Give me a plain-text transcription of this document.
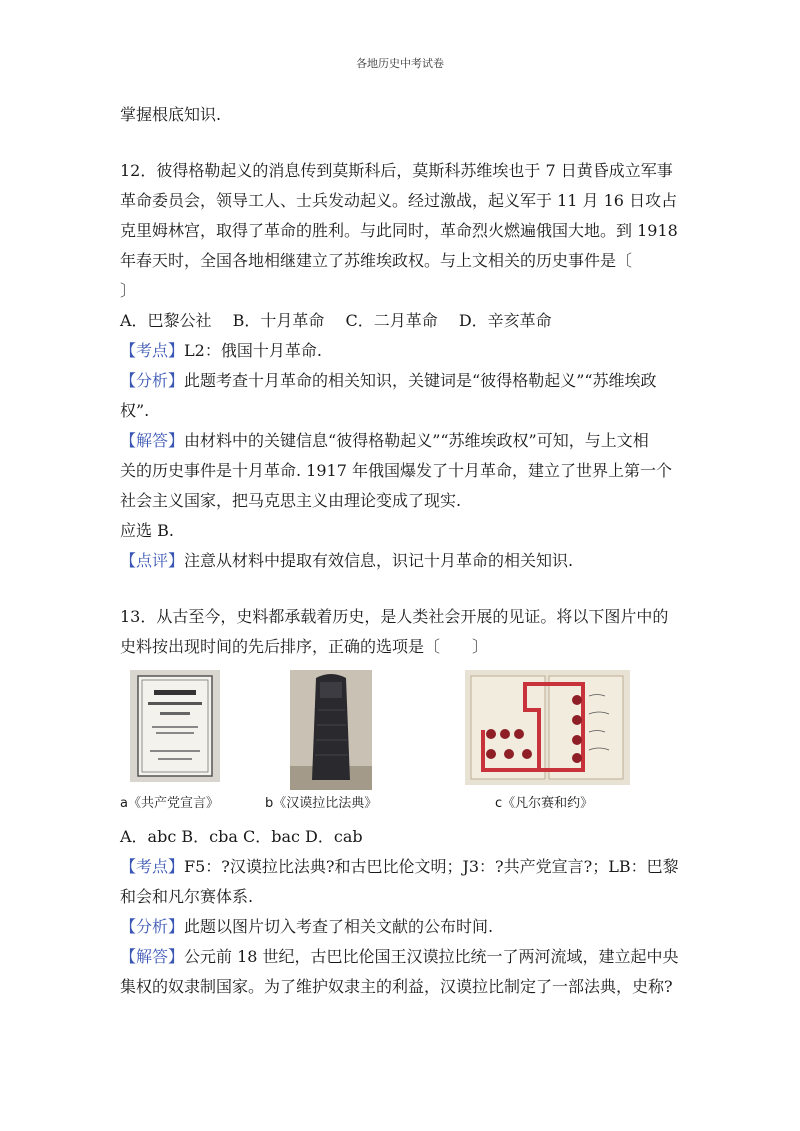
各地历史中考试卷
掌握根底知识.
12．彼得格勒起义的消息传到莫斯科后，莫斯科苏维埃也于 7 日黄昏成立军事
革命委员会，领导工人、士兵发动起义。经过激战，起义军于 11 月 16 日攻占
克里姆林宫，取得了革命的胜利。与此同时，革命烈火燃遍俄国大地。到 1918
年春天时，全国各地相继建立了苏维埃政权。与上文相关的历史事件是〔
〕
A．巴黎公社　 B．十月革命　 C．二月革命　 D．辛亥革命
【考点】L2：俄国十月革命.
【分析】此题考查十月革命的相关知识，关键词是“彼得格勒起义”“苏维埃政
权”.
【解答】由材料中的关键信息“彼得格勒起义”“苏维埃政权”可知，与上文相
关的历史事件是十月革命. 1917 年俄国爆发了十月革命，建立了世界上第一个
社会主义国家，把马克思主义由理论变成了现实.
应选 B.
【点评】注意从材料中提取有效信息，识记十月革命的相关知识.
13．从古至今，史料都承载着历史，是人类社会开展的见证。将以下图片中的
史料按出现时间的先后排序，正确的选项是〔　　〕
a《共产党宣言》	b《汉谟拉比法典》	c《凡尔赛和约》
A．abc B．cba C．bac D．cab
【考点】F5：?汉谟拉比法典?和古巴比伦文明；J3：?共产党宣言?；LB：巴黎
和会和凡尔赛体系.
【分析】此题以图片切入考查了相关文献的公布时间.
【解答】公元前 18 世纪，古巴比伦国王汉谟拉比统一了两河流域，建立起中央
集权的奴隶制国家。为了维护奴隶主的利益，汉谟拉比制定了一部法典，史称?
